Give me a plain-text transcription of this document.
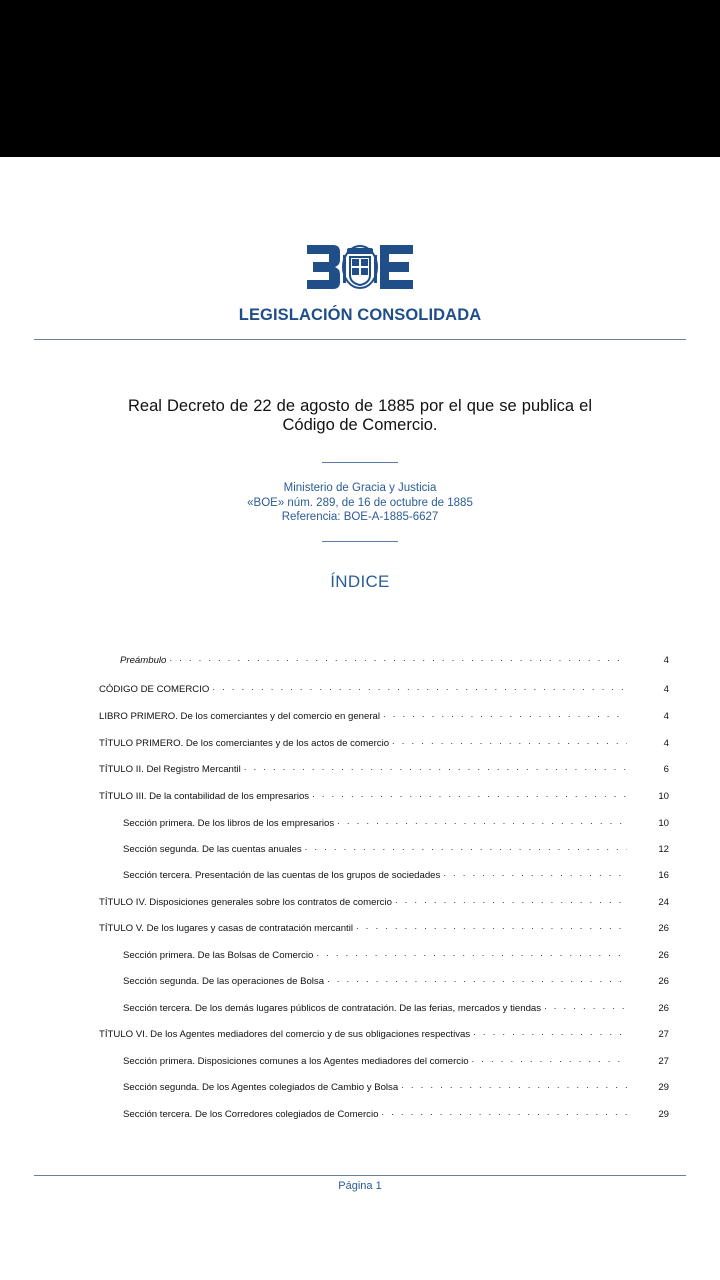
LEGISLACIÓN CONSOLIDADA
Real Decreto de 22 de agosto de 1885 por el que se publica el
Código de Comercio.
Ministerio de Gracia y Justicia
«BOE» núm. 289, de 16 de octubre de 1885
Referencia: BOE-A-1885-6627
ÍNDICE
Preámbulo . . .	4
CÓDIGO DE COMERCIO . . .	4
LIBRO PRIMERO. De los comerciantes y del comercio en general . . .	4
TÍTULO PRIMERO. De los comerciantes y de los actos de comercio . . .	4
TÍTULO II. Del Registro Mercantil . . .	6
TÍTULO III. De la contabilidad de los empresarios . . .	10
Sección primera. De los libros de los empresarios . . .	10
Sección segunda. De las cuentas anuales . . .	12
Sección tercera. Presentación de las cuentas de los grupos de sociedades . . .	16
TÍTULO IV. Disposiciones generales sobre los contratos de comercio . . .	24
TÍTULO V. De los lugares y casas de contratación mercantil . . .	26
Sección primera. De las Bolsas de Comercio . . .	26
Sección segunda. De las operaciones de Bolsa . . .	26
Sección tercera. De los demás lugares públicos de contratación. De las ferias, mercados y tiendas . . .	26
TÍTULO VI. De los Agentes mediadores del comercio y de sus obligaciones respectivas . . .	27
Sección primera. Disposiciones comunes a los Agentes mediadores del comercio . . .	27
Sección segunda. De los Agentes colegiados de Cambio y Bolsa . . .	29
Sección tercera. De los Corredores colegiados de Comercio . . .	29
Página 1
